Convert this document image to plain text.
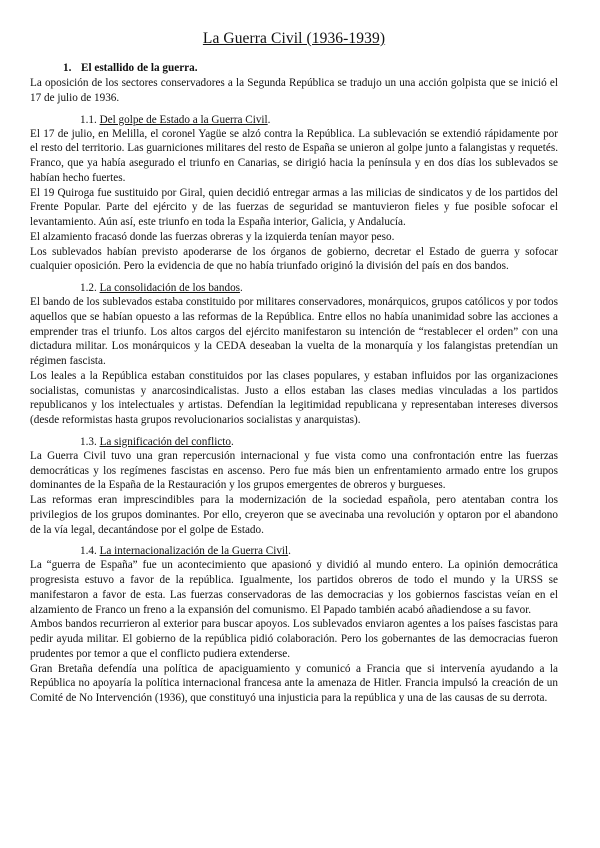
La Guerra Civil (1936-1939)
1. El estallido de la guerra.

La oposición de los sectores conservadores a la Segunda República se tradujo un una acción golpista que se inició el 17 de julio de 1936.

1.1. Del golpe de Estado a la Guerra Civil.

El 17 de julio, en Melilla, el coronel Yagüe se alzó contra la República. La sublevación se extendió rápidamente por el resto del territorio. Las guarniciones militares del resto de España se unieron al golpe junto a falangistas y requetés. Franco, que ya había asegurado el triunfo en Canarias, se dirigió hacia la península y en dos días los sublevados se habían hecho fuertes.

El 19 Quiroga fue sustituido por Giral, quien decidió entregar armas a las milicias de sindicatos y de los partidos del Frente Popular. Parte del ejército y de las fuerzas de seguridad se mantuvieron fieles y fue posible sofocar el levantamiento. Aún así, este triunfo en toda la España interior, Galicia, y Andalucía.

El alzamiento fracasó donde las fuerzas obreras y la izquierda tenían mayor peso.

Los sublevados habían previsto apoderarse de los órganos de gobierno, decretar el Estado de guerra y sofocar cualquier oposición. Pero la evidencia de que no había triunfado originó la división del país en dos bandos.

1.2. La consolidación de los bandos.

El bando de los sublevados estaba constituido por militares conservadores, monárquicos, grupos católicos y por todos aquellos que se habían opuesto a las reformas de la República. Entre ellos no había unanimidad sobre las acciones a emprender tras el triunfo. Los altos cargos del ejército manifestaron su intención de “restablecer el orden” con una dictadura militar. Los monárquicos y la CEDA deseaban la vuelta de la monarquía y los falangistas pretendían un régimen fascista.

Los leales a la República estaban constituidos por las clases populares, y estaban influidos por las organizaciones socialistas, comunistas y anarcosindicalistas. Justo a ellos estaban las clases medias vinculadas a los partidos republicanos y los intelectuales y artistas. Defendían la legitimidad republicana y representaban intereses diversos (desde reformistas hasta grupos revolucionarios socialistas y anarquistas).

1.3. La significación del conflicto.

La Guerra Civil tuvo una gran repercusión internacional y fue vista como una confrontación entre las fuerzas democráticas y los regímenes fascistas en ascenso. Pero fue más bien un enfrentamiento armado entre los grupos dominantes de la España de la Restauración y los grupos emergentes de obreros y burgueses.

Las reformas eran imprescindibles para la modernización de la sociedad española, pero atentaban contra los privilegios de los grupos dominantes. Por ello, creyeron que se avecinaba una revolución y optaron por el abandono de la vía legal, decantándose por el golpe de Estado.

1.4. La internacionalización de la Guerra Civil.

La “guerra de España” fue un acontecimiento que apasionó y dividió al mundo entero. La opinión democrática progresista estuvo a favor de la república. Igualmente, los partidos obreros de todo el mundo y la URSS se manifestaron a favor de esta. Las fuerzas conservadoras de las democracias y los gobiernos fascistas veían en el alzamiento de Franco un freno a la expansión del comunismo. El Papado también acabó añadiendose a su favor.

Ambos bandos recurrieron al exterior para buscar apoyos. Los sublevados enviaron agentes a los países fascistas para pedir ayuda militar. El gobierno de la república pidió colaboración. Pero los gobernantes de las democracias fueron prudentes por temor a que el conflicto pudiera extenderse.

Gran Bretaña defendía una política de apaciguamiento y comunicó a Francia que si intervenía ayudando a la República no apoyaría la política internacional francesa ante la amenaza de Hitler. Francia impulsó la creación de un Comité de No Intervención (1936), que constituyó una injusticia para la república y una de las causas de su derrota.
